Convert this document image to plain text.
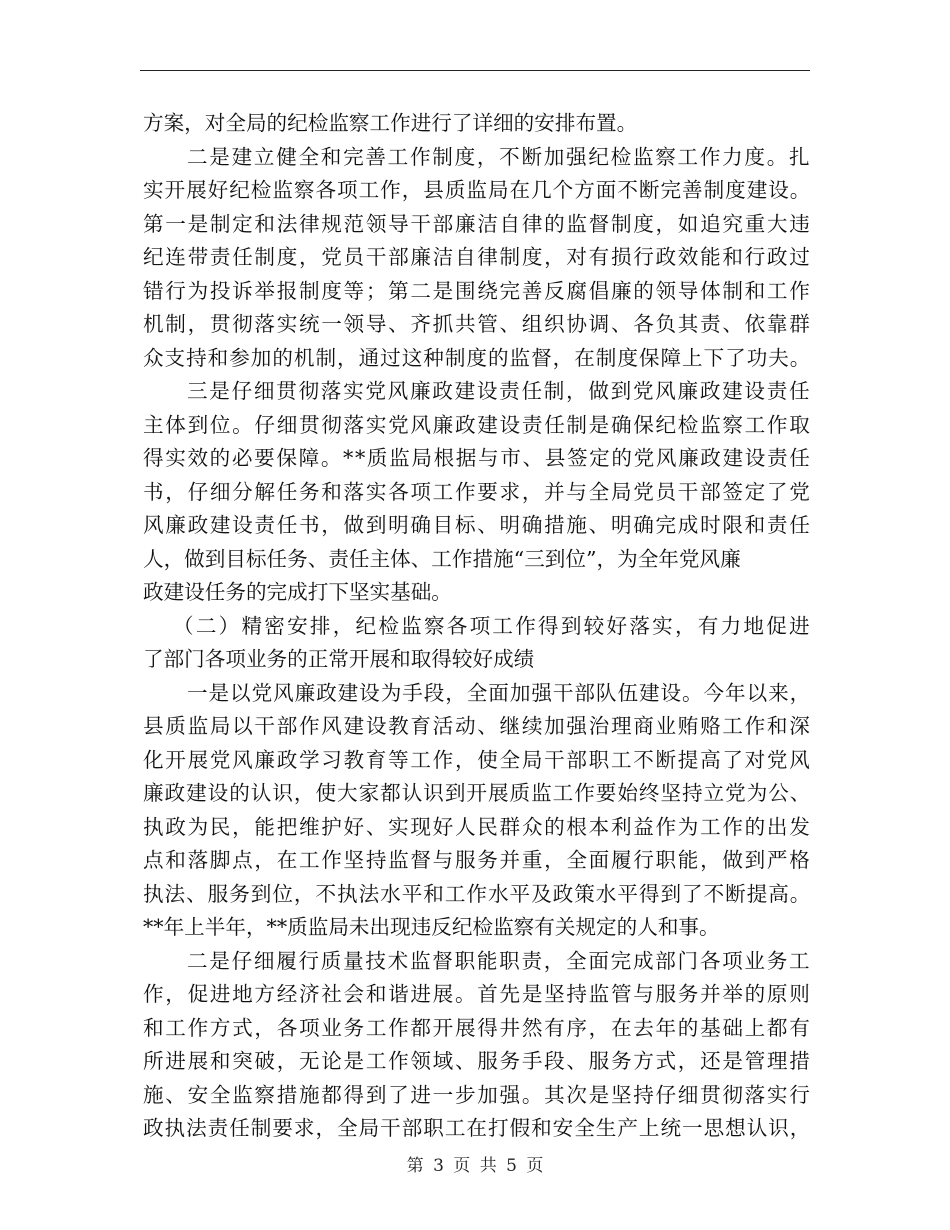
方案，对全局的纪检监察工作进行了详细的安排布置。

二是建立健全和完善工作制度，不断加强纪检监察工作力度。扎

实开展好纪检监察各项工作，县质监局在几个方面不断完善制度建设。

第一是制定和法律规范领导干部廉洁自律的监督制度，如追究重大违

纪连带责任制度，党员干部廉洁自律制度，对有损行政效能和行政过

错行为投诉举报制度等；第二是围绕完善反腐倡廉的领导体制和工作

机制，贯彻落实统一领导、齐抓共管、组织协调、各负其责、依靠群

众支持和参加的机制，通过这种制度的监督，在制度保障上下了功夫。

三是仔细贯彻落实党风廉政建设责任制，做到党风廉政建设责任

主体到位。仔细贯彻落实党风廉政建设责任制是确保纪检监察工作取

得实效的必要保障。**质监局根据与市、县签定的党风廉政建设责任

书，仔细分解任务和落实各项工作要求，并与全局党员干部签定了党

风廉政建设责任书，做到明确目标、明确措施、明确完成时限和责任

人，做到目标任务、责任主体、工作措施“三到位”，为全年党风廉

政建设任务的完成打下坚实基础。

（二）精密安排，纪检监察各项工作得到较好落实，有力地促进

了部门各项业务的正常开展和取得较好成绩

一是以党风廉政建设为手段，全面加强干部队伍建设。今年以来，

县质监局以干部作风建设教育活动、继续加强治理商业贿赂工作和深

化开展党风廉政学习教育等工作，使全局干部职工不断提高了对党风

廉政建设的认识，使大家都认识到开展质监工作要始终坚持立党为公、

执政为民，能把维护好、实现好人民群众的根本利益作为工作的出发

点和落脚点，在工作坚持监督与服务并重，全面履行职能，做到严格

执法、服务到位，不执法水平和工作水平及政策水平得到了不断提高。

**年上半年，**质监局未出现违反纪检监察有关规定的人和事。

二是仔细履行质量技术监督职能职责，全面完成部门各项业务工

作，促进地方经济社会和谐进展。首先是坚持监管与服务并举的原则

和工作方式，各项业务工作都开展得井然有序，在去年的基础上都有

所进展和突破，无论是工作领域、服务手段、服务方式，还是管理措

施、安全监察措施都得到了进一步加强。其次是坚持仔细贯彻落实行

政执法责任制要求，全局干部职工在打假和安全生产上统一思想认识，

第 3 页 共 5 页
